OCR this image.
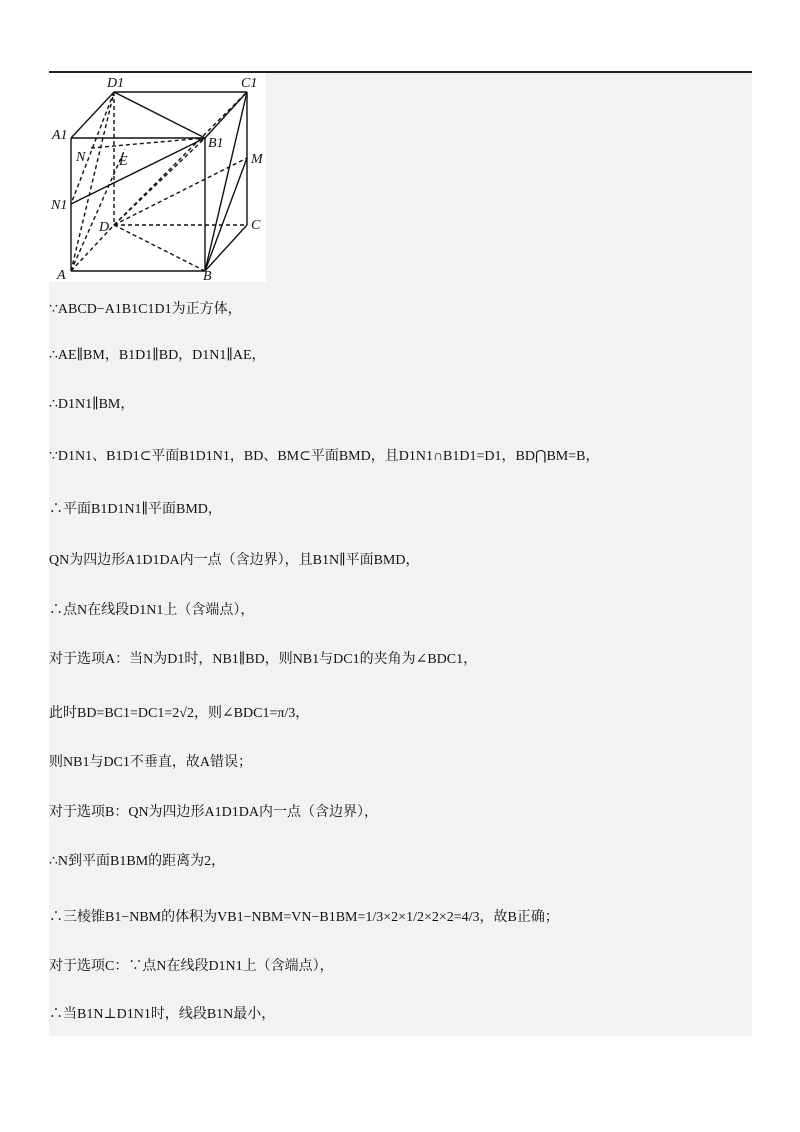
D1	C1
A1
B1
N E	M
N1
D	C
A	B
∵ABCD−A1B1C1D1为正方体，
∴AE∥BM，B1D1∥BD，D1N1∥AE，
∴D1N1∥BM，
∵D1N1、B1D1⊂平面B1D1N1，BD、BM⊂平面BMD，且D1N1∩B1D1=D1，BD⋂BM=B，
∴平面B1D1N1∥平面BMD，
QN为四边形A1D1DA内一点（含边界），且B1N∥平面BMD，
∴点N在线段D1N1上（含端点），
对于选项A：当N为D1时，NB1∥BD，则NB1与DC1的夹角为∠BDC1，
此时BD=BC1=DC1=2√2，则∠BDC1=π/3，
则NB1与DC1不垂直，故A错误；
对于选项B：QN为四边形A1D1DA内一点（含边界），
∴N到平面B1BM的距离为2，
∴三棱锥B1−NBM的体积为VB1−NBM=VN−B1BM=1/3×2×1/2×2×2=4/3，故B正确；
对于选项C：∵点N在线段D1N1上（含端点），
∴当B1N⊥D1N1时，线段B1N最小，
